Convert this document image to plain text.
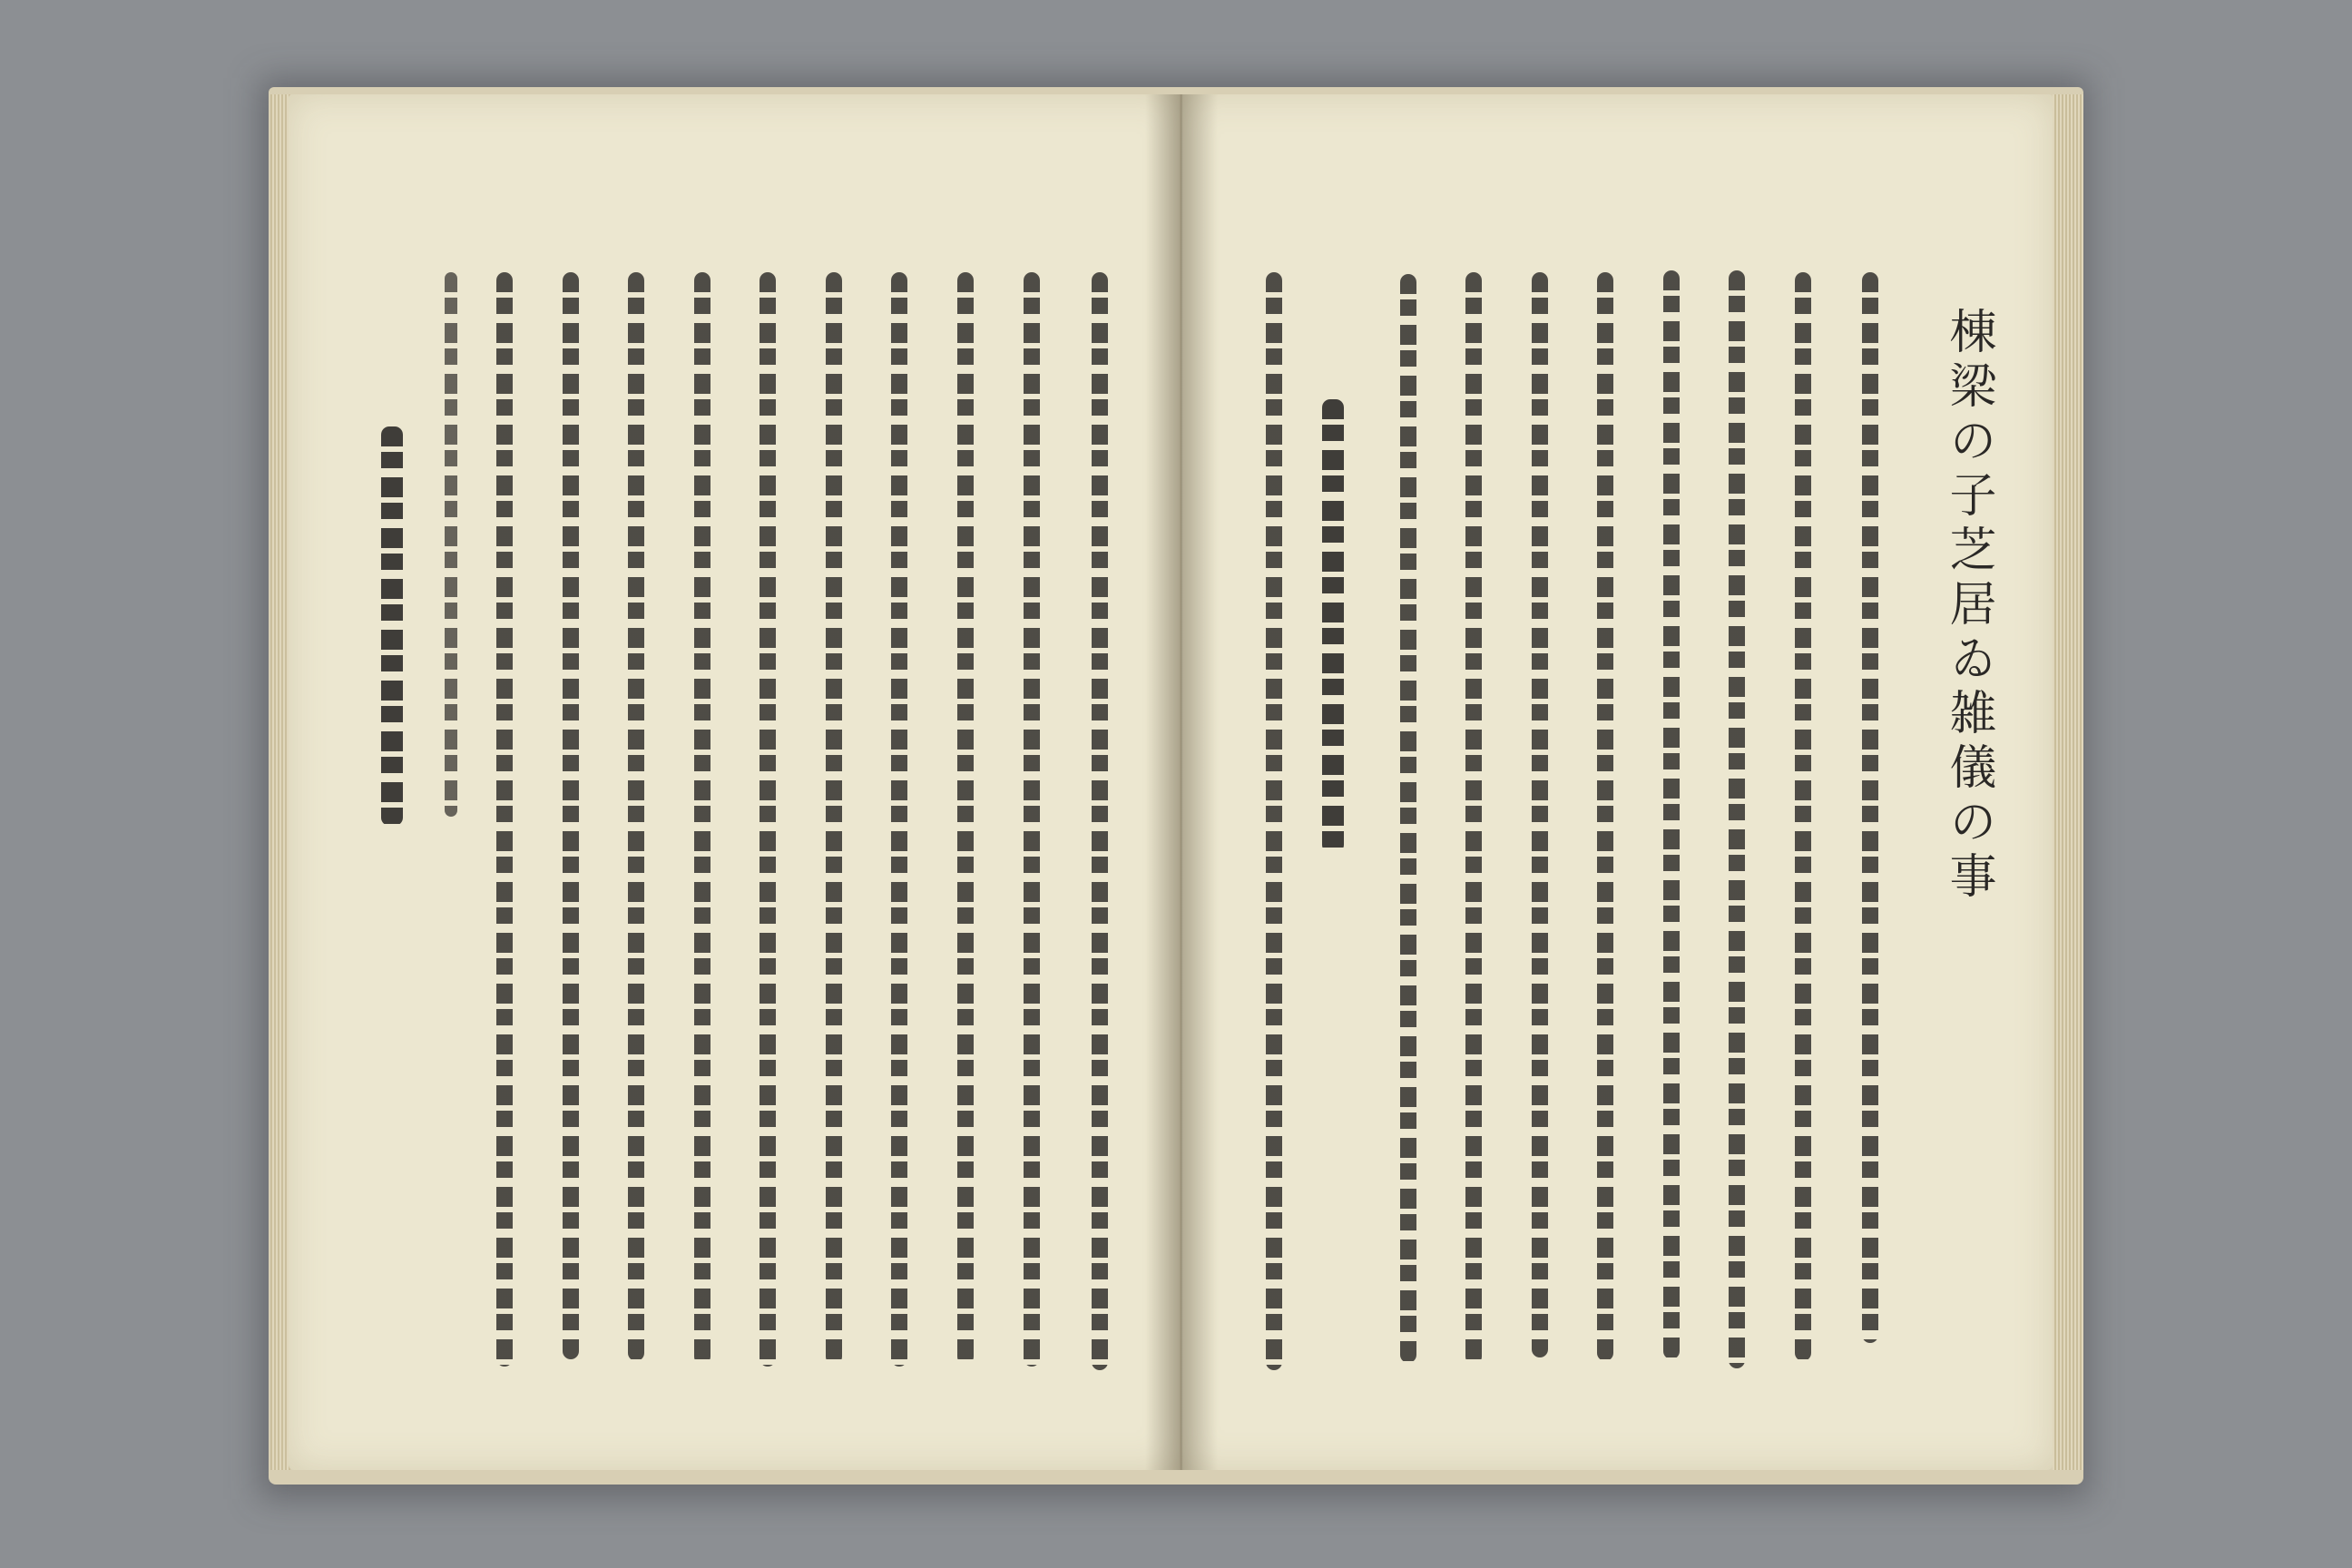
棟梁の子芝居ゐ雑儀の事
